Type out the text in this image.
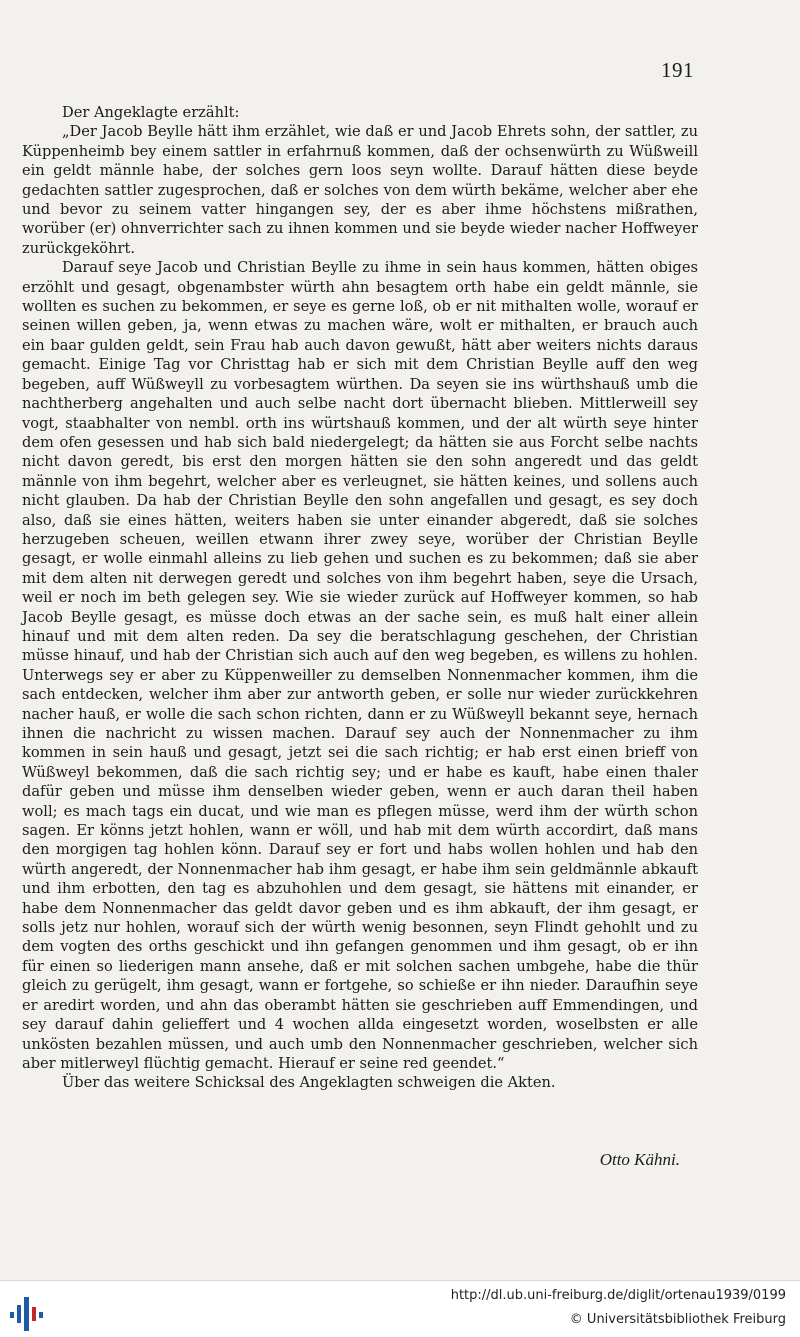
191

Der Angeklagte erzählt:

„Der Jacob Beylle hätt ihm erzählet, wie daß er und Jacob Ehrets sohn, der sattler, zu Küppenheimb bey einem sattler in erfahrnuß kommen, daß der ochsenwürth zu Wüßweill ein geldt männle habe, der solches gern loos seyn wollte. Darauf hätten diese beyde gedachten sattler zugesprochen, daß er solches von dem würth bekäme, welcher aber ehe und bevor zu seinem vatter hingangen sey, der es aber ihme höchstens mißrathen, worüber (er) ohnverrichter sach zu ihnen kommen und sie beyde wieder nacher Hoffweyer zurückgeköhrt.

Darauf seye Jacob und Christian Beylle zu ihme in sein haus kommen, hätten obiges erzöhlt und gesagt, obgenambster würth ahn besagtem orth habe ein geldt männle, sie wollten es suchen zu bekommen, er seye es gerne loß, ob er nit mithalten wolle, worauf er seinen willen geben, ja, wenn etwas zu machen wäre, wolt er mithalten, er brauch auch ein baar gulden geldt, sein Frau hab auch davon gewußt, hätt aber weiters nichts daraus gemacht. Einige Tag vor Christtag hab er sich mit dem Christian Beylle auff den weg begeben, auff Wüßweyll zu vorbesagtem würthen. Da seyen sie ins würthshauß umb die nachtherberg angehalten und auch selbe nacht dort übernacht blieben. Mittlerweill sey vogt, staabhalter von nembl. orth ins würtshauß kommen, und der alt würth seye hinter dem ofen gesessen und hab sich bald niedergelegt; da hätten sie aus Forcht selbe nachts nicht davon geredt, bis erst den morgen hätten sie den sohn angeredt und das geldt männle von ihm begehrt, welcher aber es verleugnet, sie hätten keines, und sollens auch nicht glauben. Da hab der Christian Beylle den sohn angefallen und gesagt, es sey doch also, daß sie eines hätten, weiters haben sie unter einander abgeredt, daß sie solches herzugeben scheuen, weillen etwann ihrer zwey seye, worüber der Christian Beylle gesagt, er wolle einmahl alleins zu lieb gehen und suchen es zu bekommen; daß sie aber mit dem alten nit derwegen geredt und solches von ihm begehrt haben, seye die Ursach, weil er noch im beth gelegen sey. Wie sie wieder zurück auf Hoffweyer kommen, so hab Jacob Beylle gesagt, es müsse doch etwas an der sache sein, es muß halt einer allein hinauf und mit dem alten reden. Da sey die beratschlagung geschehen, der Christian müsse hinauf, und hab der Christian sich auch auf den weg begeben, es willens zu hohlen. Unterwegs sey er aber zu Küppenweiller zu demselben Nonnenmacher kommen, ihm die sach entdecken, welcher ihm aber zur antworth geben, er solle nur wieder zurückkehren nacher hauß, er wolle die sach schon richten, dann er zu Wüßweyll bekannt seye, hernach ihnen die nachricht zu wissen machen. Darauf sey auch der Nonnenmacher zu ihm kommen in sein hauß und gesagt, jetzt sei die sach richtig; er hab erst einen brieff von Wüßweyl bekommen, daß die sach richtig sey; und er habe es kauft, habe einen thaler dafür geben und müsse ihm denselben wieder geben, wenn er auch daran theil haben woll; es mach tags ein ducat, und wie man es pflegen müsse, werd ihm der würth schon sagen. Er könns jetzt hohlen, wann er wöll, und hab mit dem würth accordirt, daß mans den morgigen tag hohlen könn. Darauf sey er fort und habs wollen hohlen und hab den würth angeredt, der Nonnenmacher hab ihm gesagt, er habe ihm sein geldmännle abkauft und ihm erbotten, den tag es abzuhohlen und dem gesagt, sie hättens mit einander, er habe dem Nonnenmacher das geldt davor geben und es ihm abkauft, der ihm gesagt, er solls jetz nur hohlen, worauf sich der würth wenig besonnen, seyn Flindt gehohlt und zu dem vogten des orths geschickt und ihn gefangen genommen und ihm gesagt, ob er ihn für einen so liederigen mann ansehe, daß er mit solchen sachen umbgehe, habe die thür gleich zu gerügelt, ihm gesagt, wann er fortgehe, so schieße er ihn nieder. Daraufhin seye er aredirt worden, und ahn das oberambt hätten sie geschrieben auff Emmendingen, und sey darauf dahin gelieffert und 4 wochen allda eingesetzt worden, woselbsten er alle unkösten bezahlen müssen, und auch umb den Nonnenmacher geschrieben, welcher sich aber mitlerweyl flüchtig gemacht. Hierauf er seine red geendet.“

Über das weitere Schicksal des Angeklagten schweigen die Akten.

Otto Kähni.
http://dl.ub.uni-freiburg.de/diglit/ortenau1939/0199
© Universitätsbibliothek Freiburg
